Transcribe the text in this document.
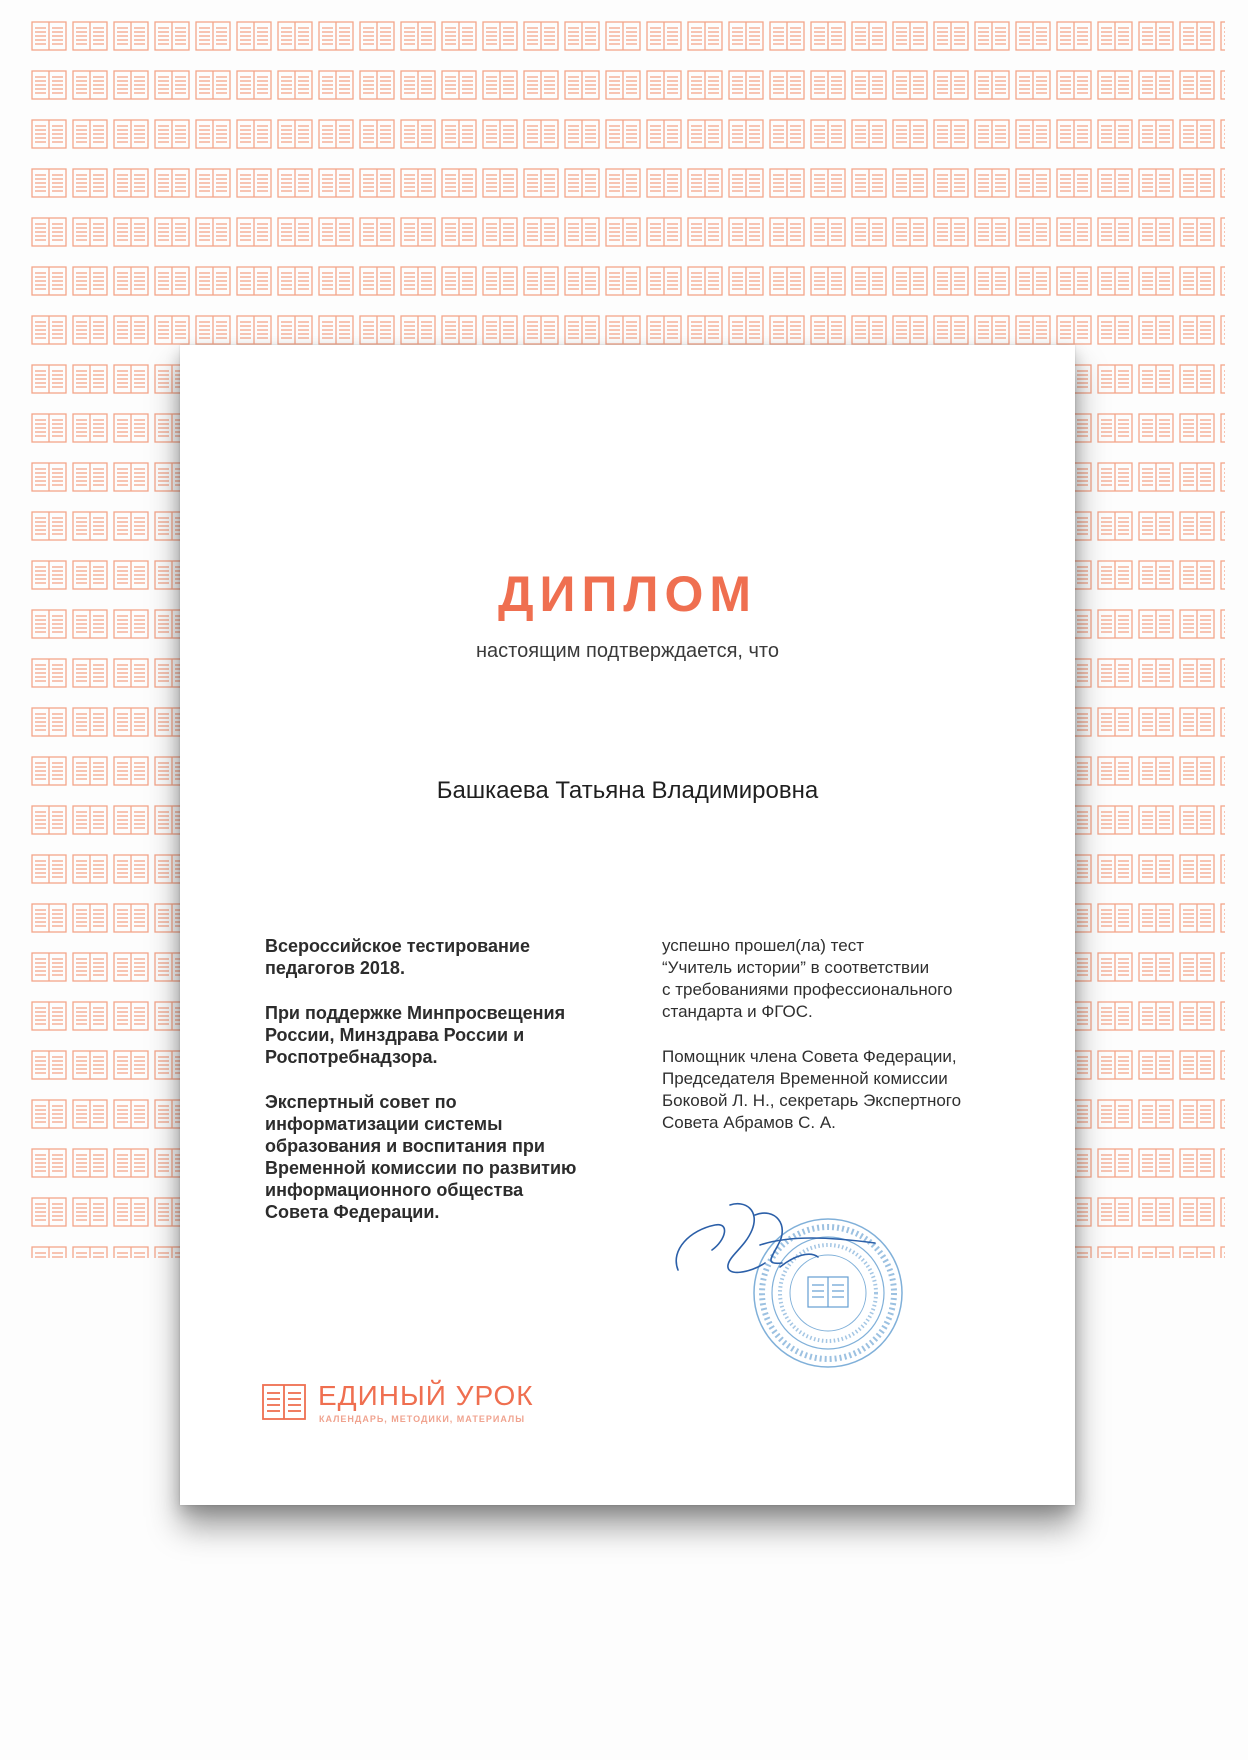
ДИПЛОМ
настоящим подтверждается, что
Башкаева Татьяна Владимировна

Всероссийское тестирование
педагогов 2018.

При поддержке Минпросвещения
России, Минздрава России и
Роспотребнадзора.

Экспертный совет по
информатизации системы
образования и воспитания при
Временной комиссии по развитию
информационного общества
Совета Федерации.

успешно прошел(ла) тест
“Учитель истории” в соответствии
с требованиями профессионального
стандарта и ФГОС.

Помощник члена Совета Федерации,
Председателя Временной комиссии
Боковой Л. Н., секретарь Экспертного
Совета Абрамов С. А.

ЕДИНЫЙ УРОК
КАЛЕНДАРЬ, МЕТОДИКИ, МАТЕРИАЛЫ
